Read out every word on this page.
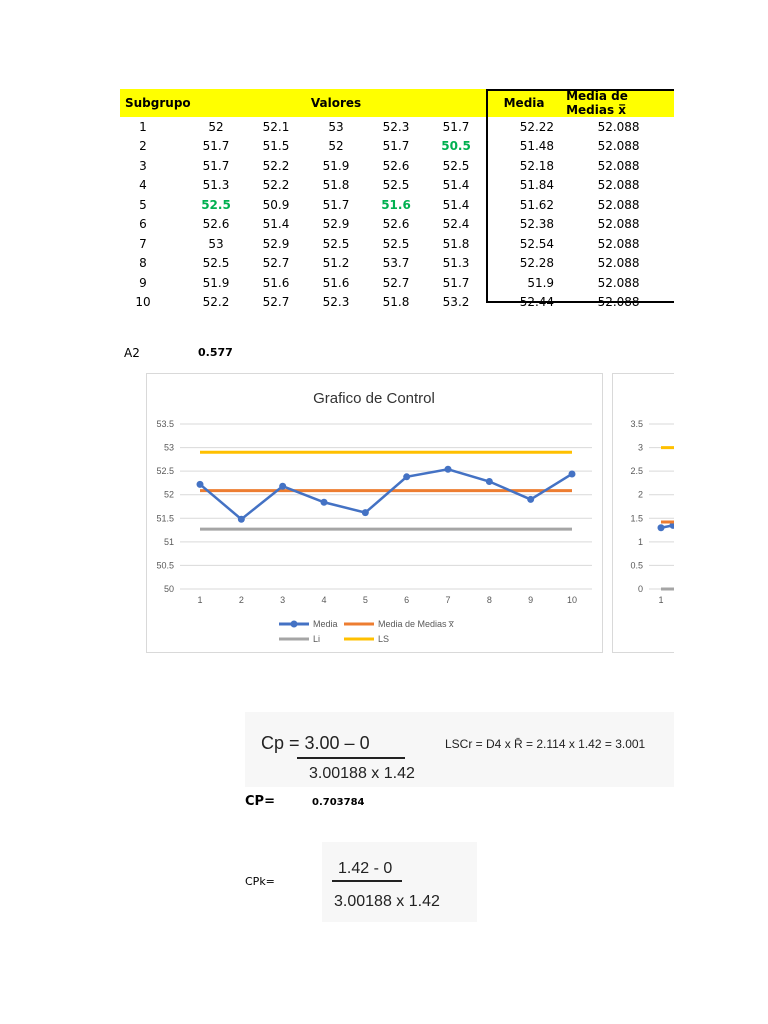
Subgrupo	Valores					Media	Media de Medias x̅
1	52	52.1	53	52.3	51.7	52.22	52.088
2	51.7	51.5	52	51.7	50.5	51.48	52.088
3	51.7	52.2	51.9	52.6	52.5	52.18	52.088
4	51.3	52.2	51.8	52.5	51.4	51.84	52.088
5	52.5	50.9	51.7	51.6	51.4	51.62	52.088
6	52.6	51.4	52.9	52.6	52.4	52.38	52.088
7	53	52.9	52.5	52.5	51.8	52.54	52.088
8	52.5	52.7	51.2	53.7	51.3	52.28	52.088
9	51.9	51.6	51.6	52.7	51.7	51.9	52.088
10	52.2	52.7	52.3	51.8	53.2	52.44	52.088
A2	0.577
Grafico de Control
53.5
53
52.5
52
51.5
51
50.5
50
1	2	3	4	5	6	7	8	9	10
Media	Media de Medias x̅
Li	LS
3.5
3
2.5
2
1.5
1
0.5
0
1
Cp = 3.00 – 0
3.00188 x 1.42
LSCr = D4 x R̄ = 2.114 x 1.42 = 3.001
CP=	0.703784
CPk=
1.42 - 0
3.00188 x 1.42
